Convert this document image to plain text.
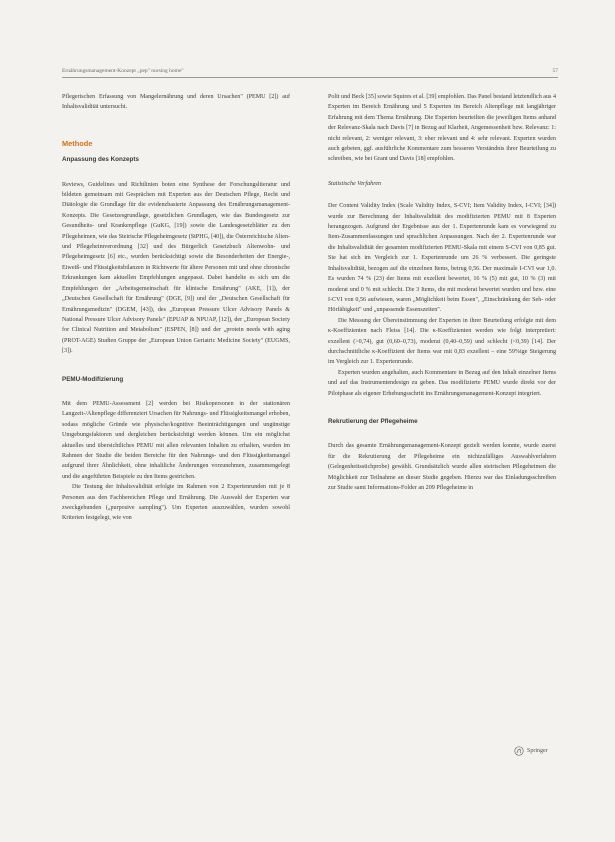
Ernährungsmanagement-Konzept „pep" nursing home"	57

Pflegerischen Erfassung von Mangelernährung und deren Ursachen" (PEMU [2]) auf Inhaltsvalidität untersucht.

Methode
Anpassung des Konzepts

Reviews, Guidelines und Richtlinien boten eine Synthese der Forschungsliteratur und bildeten gemeinsam mit Gesprächen mit Experten aus der Deutschen Pflege, Recht und Diätologie die Grundlage für die evidenzbasierte Anpassung des Ernährungsmanagement-Konzepts. Die Gesetzesgrundlage, gesetzlichen Grundlagen, wie das Bundesgesetz zur Gesundheits- und Krankenpflege (GuKG, [19]) sowie die Landesgesetzblätter zu den Pflegeheimen, wie das Steirische Pflegeheimgesetz (StPHG, [40]), die Österreichische Alten- und Pflegeheimverordnung [32] und des Bürgerlich Gesetzbuch Altenwohn- und Pflegeheimgesetz [6] etc., wurden berücksichtigt sowie die Besonderheiten der Energie-, Eiweiß- und Flüssigkeitsbilanzen in Richtwerte für ältere Personen mit und ohne chronische Erkrankungen kam aktuellen Empfehlungen angepasst. Dabei handelte es sich um die Empfehlungen der „Arbeitsgemeinschaft für klinische Ernährung" (AKE, [1]), der „Deutschen Gesellschaft für Ernährung" (DGE, [9]) und der „Deutschen Gesellschaft für Ernährungsmedizin" (DGEM, [43]), des „European Pressure Ulcer Advisory Panels & National Pressure Ulcer Advisory Panels" (EPUAP & NPUAP, [12]), der „European Society for Clinical Nutrition and Metabolism" (ESPEN, [8]) und der „protein needs with aging (PROT-AGE) Studien Gruppe der „European Union Geriatric Medicine Society" (EUGMS, [3]).

PEMU-Modifizierung

Mit dem PEMU-Assessment [2] werden bei Risikopersonen in der stationären Langzeit-/Altenpflege differenziert Ursachen für Nahrungs- und Flüssigkeitsmangel erhoben, sodass mögliche Gründe wie physische/kognitive Beeinträchtigungen und ungünstige Umgebungsfaktoren und dergleichen berücksichtigt werden können. Um ein möglichst aktuelles und übersichtliches PEMU mit allen relevanten Inhalten zu erhalten, wurden im Rahmen der Studie die beiden Bereiche für den Nahrungs- und den Flüssigkeitsmangel aufgrund ihrer Ähnlichkeit, ohne inhaltliche Änderungen vorzunehmen, zusammengelegt und die angeführten Beispiele zu den Items gestrichen.

Die Testung der Inhaltsvalidität erfolgte im Rahmen von 2 Expertenrunden mit je 8 Personen aus den Fachbereichen Pflege und Ernährung. Die Auswahl der Experten war zweckgebunden („purposive sampling"). Um Experten auszuwählen, wurden sowohl Kriterien festgelegt, wie von

Polit und Beck [35] sowie Squires et al. [39] empfohlen. Das Panel bestand letztendlich aus 4 Experten im Bereich Ernährung und 5 Experten im Bereich Altenpflege mit langjähriger Erfahrung mit dem Thema Ernährung. Die Experten beurteilten die jeweiligen Items anhand der Relevanz-Skala nach Davis [7] in Bezug auf Klarheit, Angemessenheit bzw. Relevanz: 1: nicht relevant, 2: weniger relevant, 3: eher relevant und 4: sehr relevant. Experten wurden auch gebeten, ggf. ausführliche Kommentare zum besseren Verständnis ihrer Beurteilung zu schreiben, wie bei Grant und Davis [18] empfohlen.

Statistische Verfahren

Der Content Validity Index (Scale Validity Index, S-CVI; Item Validity Index, I-CVI; [34]) wurde zur Berechnung der Inhaltsvalidität des modifizierten PEMU mit 8 Experten herangezogen. Aufgrund der Ergebnisse aus der 1. Expertenrunde kam es vorwiegend zu Item-Zusammenfassungen und sprachlichen Anpassungen. Nach der 2. Expertenrunde war die Inhaltsvalidität der gesamten modifizierten PEMU-Skala mit einem S-CVI von 0,85 gut. Sie hat sich im Vergleich zur 1. Expertenrunde um 26 % verbessert. Die geringste Inhaltsvalidität, bezogen auf die einzelnen Items, betrug 0,56. Der maximale I-CVI war 1,0. Es wurden 74 % (23) der Items mit exzellent bewertet, 16 % (5) mit gut, 10 % (3) mit moderat und 0 % mit schlecht. Die 3 Items, die mit moderat bewertet wurden und bzw. eine I-CVI von 0,56 aufwiesen, waren „Möglichkeit beim Essen", „Einschränkung der Seh- oder Hörfähigkeit" und „unpassende Essenszeiten".

Die Messung der Übereinstimmung der Experten in ihrer Beurteilung erfolgte mit dem κ-Koeffizienten nach Fleiss [14]. Die κ-Koeffizienten werden wie folgt interpretiert: exzellent (>0,74), gut (0,60–0,73), moderat (0,40–0,59) und schlecht (<0,39) [14]. Der durchschnittliche κ-Koeffizient der Items war mit 0,83 exzellent – eine 59%ige Steigerung im Vergleich zur 1. Expertenrunde.

Experten wurden angehalten, auch Kommentare in Bezug auf den Inhalt einzelner Items und auf das Instrumentendesign zu geben. Das modifizierte PEMU wurde direkt vor der Pilotphase als eigener Erhebungsschritt ins Ernährungsmanagement-Konzept integriert.

Rekrutierung der Pflegeheime

Durch das gesamte Ernährungsmanagement-Konzept gezielt werden konnte, wurde zuerst für die Rekrutierung der Pflegeheime ein nichtzufälliges Auswahlverfahren (Gelegenheitsstichprobe) gewählt. Grundsätzlich wurde allen steirischen Pflegeheimen die Möglichkeit zur Teilnahme an dieser Studie gegeben. Hierzu war das Einladungsschreiben zur Studie samt Informations-Folder an 209 Pflegeheime in

Springer
